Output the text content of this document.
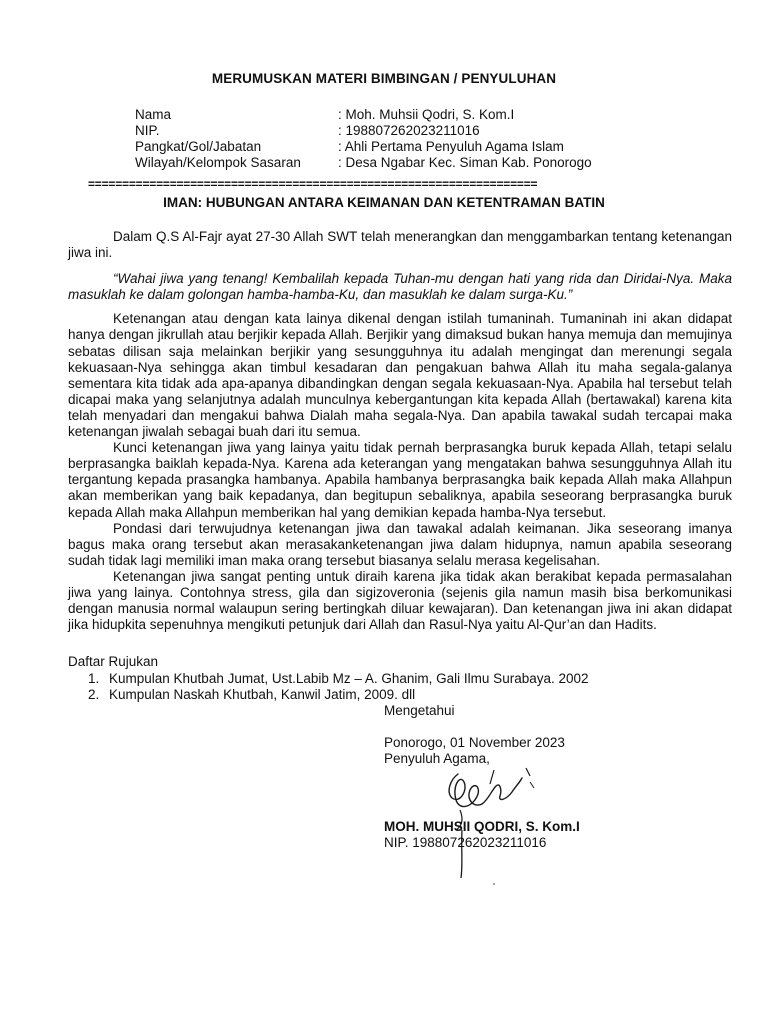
MERUMUSKAN MATERI BIMBINGAN / PENYULUHAN
Nama	: Moh. Muhsii Qodri, S. Kom.I
NIP.	: 198807262023211016
Pangkat/Gol/Jabatan	: Ahli Pertama Penyuluh Agama Islam
Wilayah/Kelompok Sasaran	: Desa Ngabar Kec. Siman Kab. Ponorogo
==================================================================
IMAN: HUBUNGAN ANTARA KEIMANAN DAN KETENTRAMAN BATIN

Dalam Q.S Al-Fajr ayat 27-30 Allah SWT telah menerangkan dan menggambarkan tentang ketenangan jiwa ini.

“Wahai jiwa yang tenang! Kembalilah kepada Tuhan-mu dengan hati yang rida dan Diridai-Nya. Maka masuklah ke dalam golongan hamba-hamba-Ku, dan masuklah ke dalam surga-Ku.”

Ketenangan atau dengan kata lainya dikenal dengan istilah tumaninah. Tumaninah ini akan didapat hanya dengan jikrullah atau berjikir kepada Allah. Berjikir yang dimaksud bukan hanya memuja dan memujinya sebatas dilisan saja melainkan berjikir yang sesungguhnya itu adalah mengingat dan merenungi segala kekuasaan-Nya sehingga akan timbul kesadaran dan pengakuan bahwa Allah itu maha segala-galanya sementara kita tidak ada apa-apanya dibandingkan dengan segala kekuasaan-Nya. Apabila hal tersebut telah dicapai maka yang selanjutnya adalah munculnya kebergantungan kita kepada Allah (bertawakal) karena kita telah menyadari dan mengakui bahwa Dialah maha segala-Nya. Dan apabila tawakal sudah tercapai maka ketenangan jiwalah sebagai buah dari itu semua.

Kunci ketenangan jiwa yang lainya yaitu tidak pernah berprasangka buruk kepada Allah, tetapi selalu berprasangka baiklah kepada-Nya. Karena ada keterangan yang mengatakan bahwa sesungguhnya Allah itu tergantung kepada prasangka hambanya. Apabila hambanya berprasangka baik kepada Allah maka Allahpun akan memberikan yang baik kepadanya, dan begitupun sebaliknya, apabila seseorang berprasangka buruk kepada Allah maka Allahpun memberikan hal yang demikian kepada hamba-Nya tersebut.

Pondasi dari terwujudnya ketenangan jiwa dan tawakal adalah keimanan. Jika seseorang imanya bagus maka orang tersebut akan merasakanketenangan jiwa dalam hidupnya, namun apabila seseorang sudah tidak lagi memiliki iman maka orang tersebut biasanya selalu merasa kegelisahan.

Ketenangan jiwa sangat penting untuk diraih karena jika tidak akan berakibat kepada permasalahan jiwa yang lainya. Contohnya stress, gila dan sigizoveronia (sejenis gila namun masih bisa berkomunikasi dengan manusia normal walaupun sering bertingkah diluar kewajaran). Dan ketenangan jiwa ini akan didapat jika hidupkita sepenuhnya mengikuti petunjuk dari Allah dan Rasul-Nya yaitu Al-Qur’an dan Hadits.

Daftar Rujukan
1. Kumpulan Khutbah Jumat, Ust.Labib Mz – A. Ghanim, Gali Ilmu Surabaya. 2002
2. Kumpulan Naskah Khutbah, Kanwil Jatim, 2009. dll
Mengetahui
Ponorogo, 01 November 2023
Penyuluh Agama,
MOH. MUHSII QODRI, S. Kom.I
NIP. 198807262023211016
